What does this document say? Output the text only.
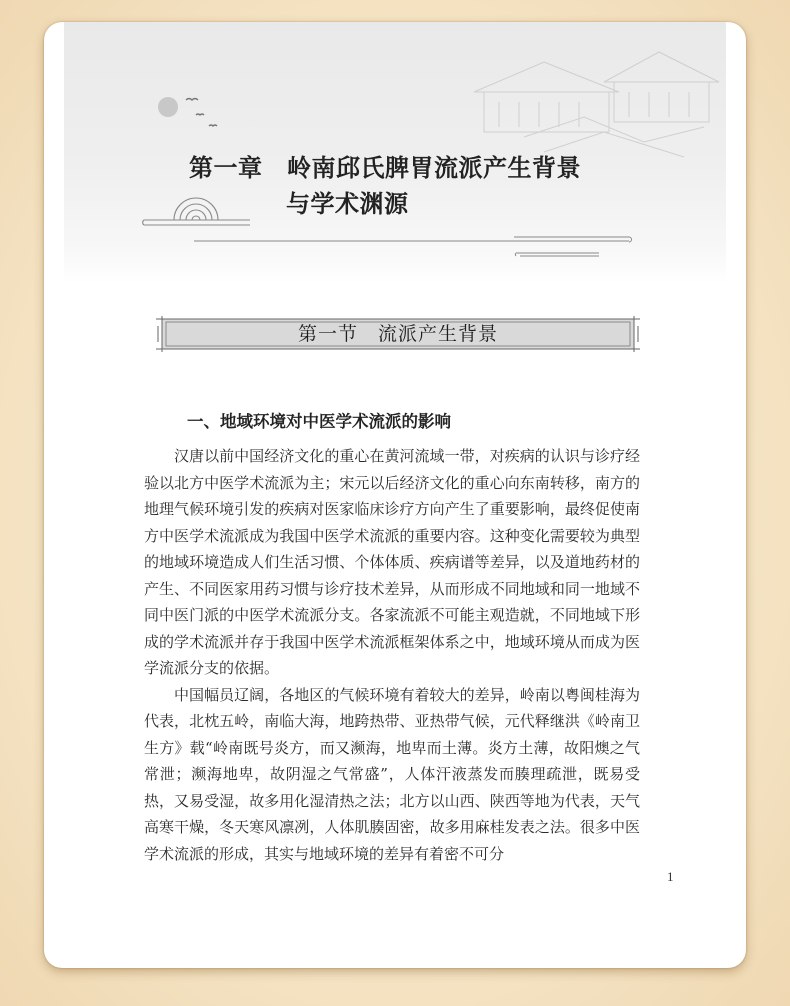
第一章　岭南邱氏脾胃流派产生背景
与学术渊源
第一节　流派产生背景
一、地域环境对中医学术流派的影响

汉唐以前中国经济文化的重心在黄河流域一带，对疾病的认识与诊疗经验以北方中医学术流派为主；宋元以后经济文化的重心向东南转移，南方的地理气候环境引发的疾病对医家临床诊疗方向产生了重要影响，最终促使南方中医学术流派成为我国中医学术流派的重要内容。这种变化需要较为典型的地域环境造成人们生活习惯、个体体质、疾病谱等差异，以及道地药材的产生、不同医家用药习惯与诊疗技术差异，从而形成不同地域和同一地域不同中医门派的中医学术流派分支。各家流派不可能主观造就，不同地域下形成的学术流派并存于我国中医学术流派框架体系之中，地域环境从而成为医学流派分支的依据。

中国幅员辽阔，各地区的气候环境有着较大的差异，岭南以粤闽桂海为代表，北枕五岭，南临大海，地跨热带、亚热带气候，元代释继洪《岭南卫生方》载“岭南既号炎方，而又濒海，地卑而土薄。炎方土薄，故阳燠之气常泄；濒海地卑，故阴湿之气常盛”，人体汗液蒸发而腠理疏泄，既易受热，又易受湿，故多用化湿清热之法；北方以山西、陕西等地为代表，天气高寒干燥，冬天寒风凛冽，人体肌腠固密，故多用麻桂发表之法。很多中医学术流派的形成，其实与地域环境的差异有着密不可分

1
